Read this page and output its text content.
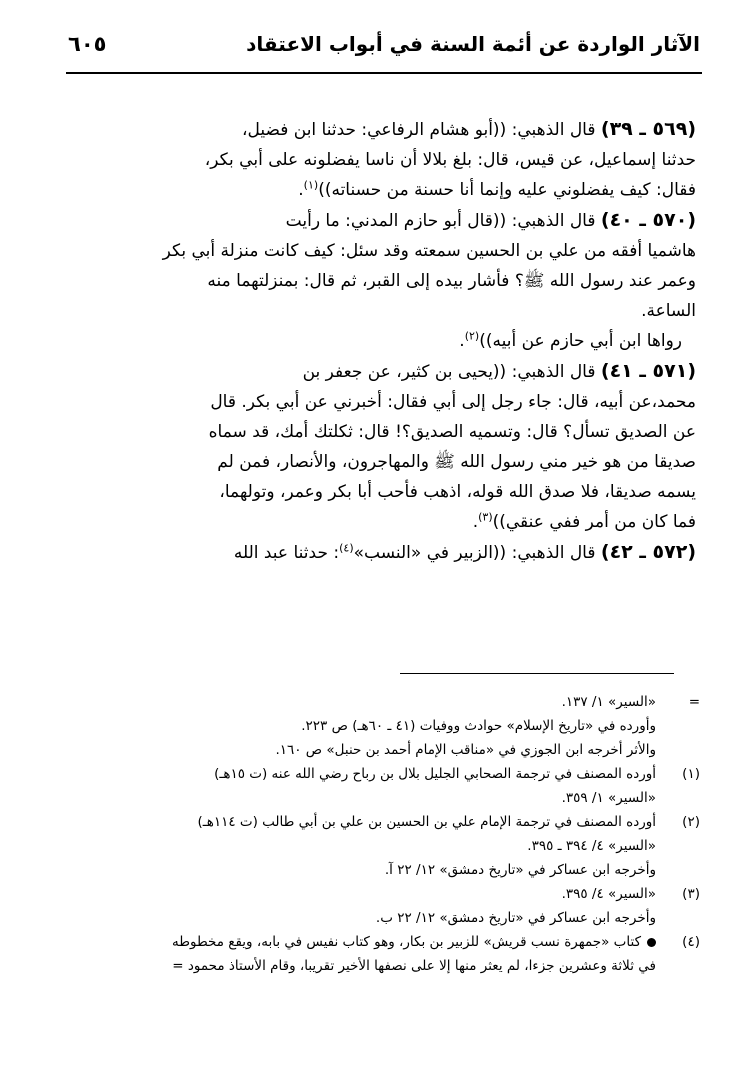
الآثار الواردة عن أئمة السنة في أبواب الاعتقاد
٦٠٥

(٥٦٩ ـ ٣٩) قال الذهبي: ((أبو هشام الرفاعي: حدثنا ابن فضيل،

حدثنا إسماعيل، عن قيس، قال: بلغ بلالا أن ناسا يفضلونه على أبي بكر،

فقال: كيف يفضلوني عليه وإنما أنا حسنة من حسناته))$^{(١)}$.

(٥٧٠ ـ ٤٠) قال الذهبي: ((قال أبو حازم المدني: ما رأيت

هاشميا أفقه من علي بن الحسين سمعته وقد سئل: كيف كانت منزلة أبي بكر

وعمر عند رسول الله ﷺ؟ فأشار بيده إلى القبر، ثم قال: بمنزلتهما منه

الساعة.

رواها ابن أبي حازم عن أبيه))$^{(٢)}$.

(٥٧١ ـ ٤١) قال الذهبي: ((يحيى بن كثير، عن جعفر بن

محمد،عن أبيه، قال: جاء رجل إلى أبي فقال: أخبرني عن أبي بكر. قال

عن الصديق تسأل؟ قال: وتسميه الصديق؟! قال: ثكلتك أمك، قد سماه

صديقا من هو خير مني رسول الله ﷺ والمهاجرون، والأنصار، فمن لم

يسمه صديقا، فلا صدق الله قوله، اذهب فأحب أبا بكر وعمر، وتولهما،

فما كان من أمر ففي عنقي))$^{(٣)}$.

(٥٧٢ ـ ٤٢) قال الذهبي: ((الزبير في «النسب»$^{(٤)}$: حدثنا عبد الله

=
«السير» ١/ ١٣٧.
وأورده في «تاريخ الإسلام» حوادث ووفيات (٤١ ـ ٦٠هـ) ص ٢٢٣.
والأثر أخرجه ابن الجوزي في «مناقب الإمام أحمد بن حنبل» ص ١٦٠.
(١)
أورده المصنف في ترجمة الصحابي الجليل بلال بن رباح رضي الله عنه (ت ١٥هـ)
«السير» ١/ ٣٥٩.
(٢)
أورده المصنف في ترجمة الإمام علي بن الحسين بن علي بن أبي طالب (ت ١١٤هـ)
«السير» ٤/ ٣٩٤ ـ ٣٩٥.
وأخرجه ابن عساكر في «تاريخ دمشق» ١٢/ ٢٢ آ.
(٣)
«السير» ٤/ ٣٩٥.
وأخرجه ابن عساكر في «تاريخ دمشق» ١٢/ ٢٢ ب.
(٤)
كتاب «جمهرة نسب قريش» للزبير بن بكار، وهو كتاب نفيس في بابه، ويقع مخطوطه
في ثلاثة وعشرين جزءا، لم يعثر منها إلا على نصفها الأخير تقريبا، وقام الأستاذ محمود =
